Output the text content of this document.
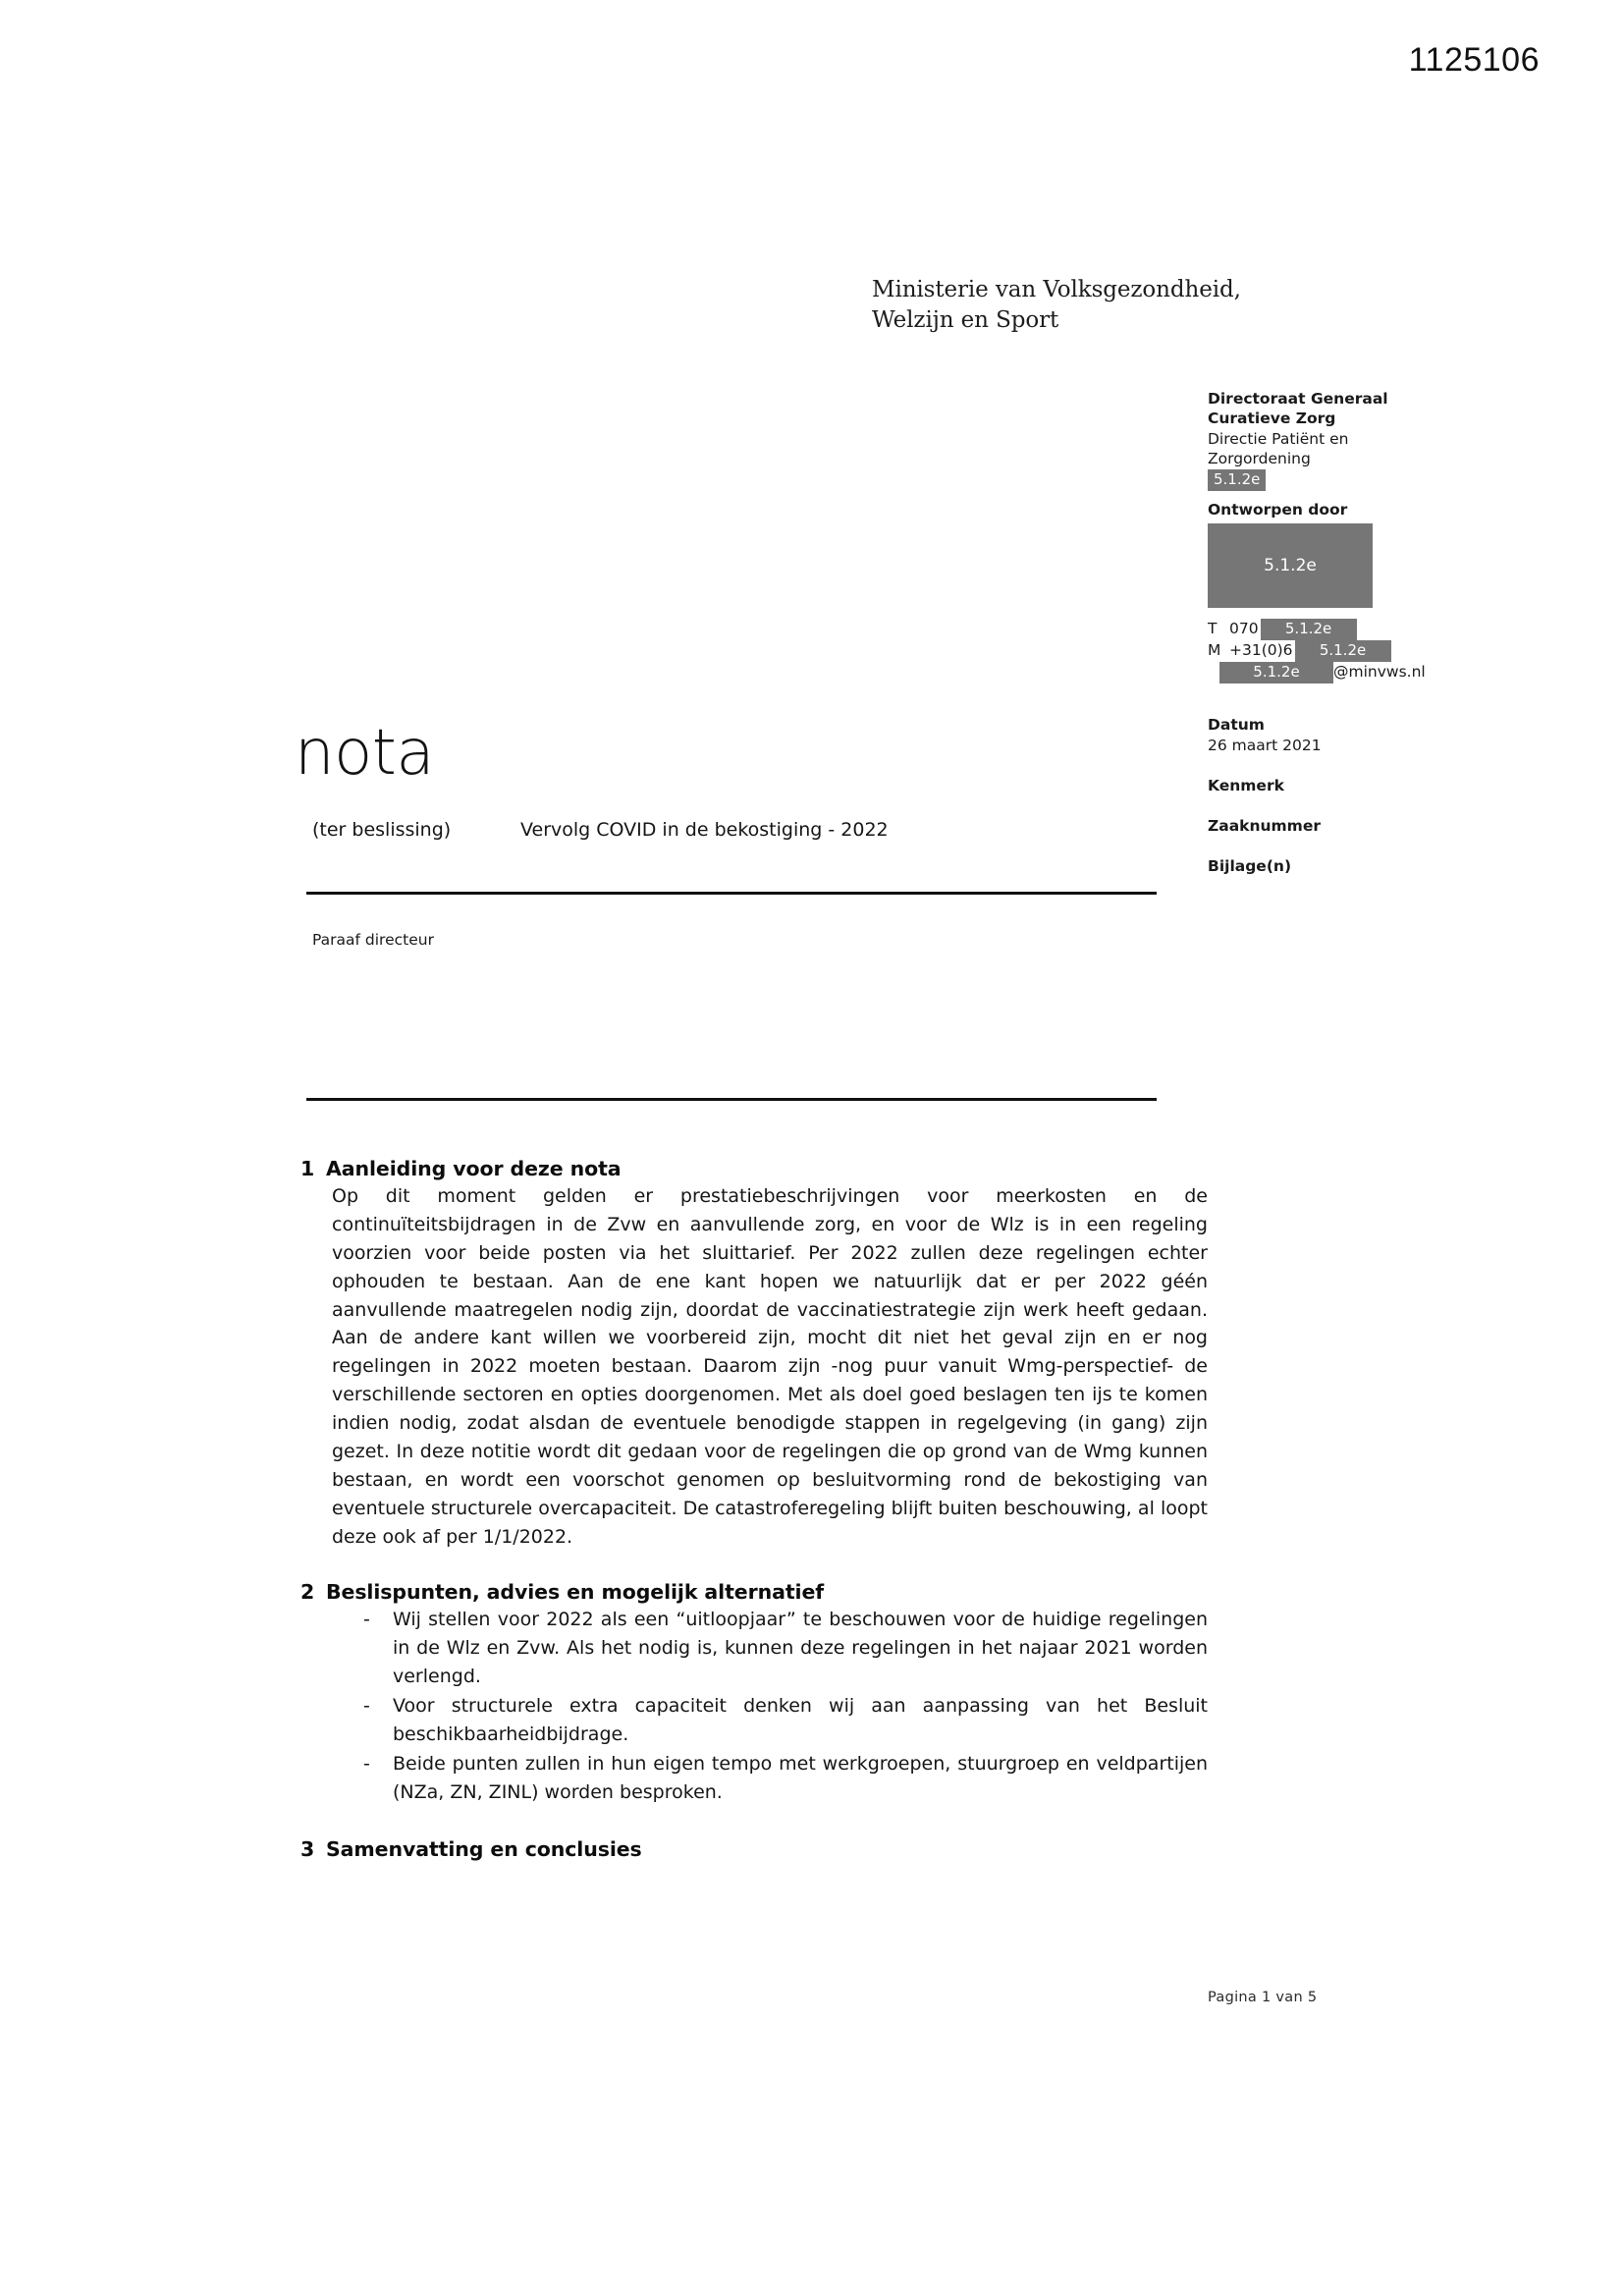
1125106
Ministerie van Volksgezondheid,
Welzijn en Sport
Directoraat Generaal
Curatieve Zorg
Directie Patiënt en
Zorgordening
5.1.2e
Ontworpen door
5.1.2e
T 070 5.1.2e
M +31(0)6 5.1.2e
5.1.2e @minvws.nl
Datum
26 maart 2021
Kenmerk
Zaaknummer
Bijlage(n)
nota
(ter beslissing)	Vervolg COVID in de bekostiging - 2022
Paraaf directeur

1 Aanleiding voor deze nota

Op dit moment gelden er prestatiebeschrijvingen voor meerkosten en de continuïteitsbijdragen in de Zvw en aanvullende zorg, en voor de Wlz is in een regeling voorzien voor beide posten via het sluittarief. Per 2022 zullen deze regelingen echter ophouden te bestaan. Aan de ene kant hopen we natuurlijk dat er per 2022 géén aanvullende maatregelen nodig zijn, doordat de vaccinatiestrategie zijn werk heeft gedaan. Aan de andere kant willen we voorbereid zijn, mocht dit niet het geval zijn en er nog regelingen in 2022 moeten bestaan. Daarom zijn -nog puur vanuit Wmg-perspectief- de verschillende sectoren en opties doorgenomen. Met als doel goed beslagen ten ijs te komen indien nodig, zodat alsdan de eventuele benodigde stappen in regelgeving (in gang) zijn gezet. In deze notitie wordt dit gedaan voor de regelingen die op grond van de Wmg kunnen bestaan, en wordt een voorschot genomen op besluitvorming rond de bekostiging van eventuele structurele overcapaciteit. De catastroferegeling blijft buiten beschouwing, al loopt deze ook af per 1/1/2022.

2 Beslispunten, advies en mogelijk alternatief

- Wij stellen voor 2022 als een “uitloopjaar” te beschouwen voor de huidige regelingen in de Wlz en Zvw. Als het nodig is, kunnen deze regelingen in het najaar 2021 worden verlengd.
- Voor structurele extra capaciteit denken wij aan aanpassing van het Besluit beschikbaarheidbijdrage.
- Beide punten zullen in hun eigen tempo met werkgroepen, stuurgroep en veldpartijen (NZa, ZN, ZINL) worden besproken.

3 Samenvatting en conclusies

Pagina 1 van 5
